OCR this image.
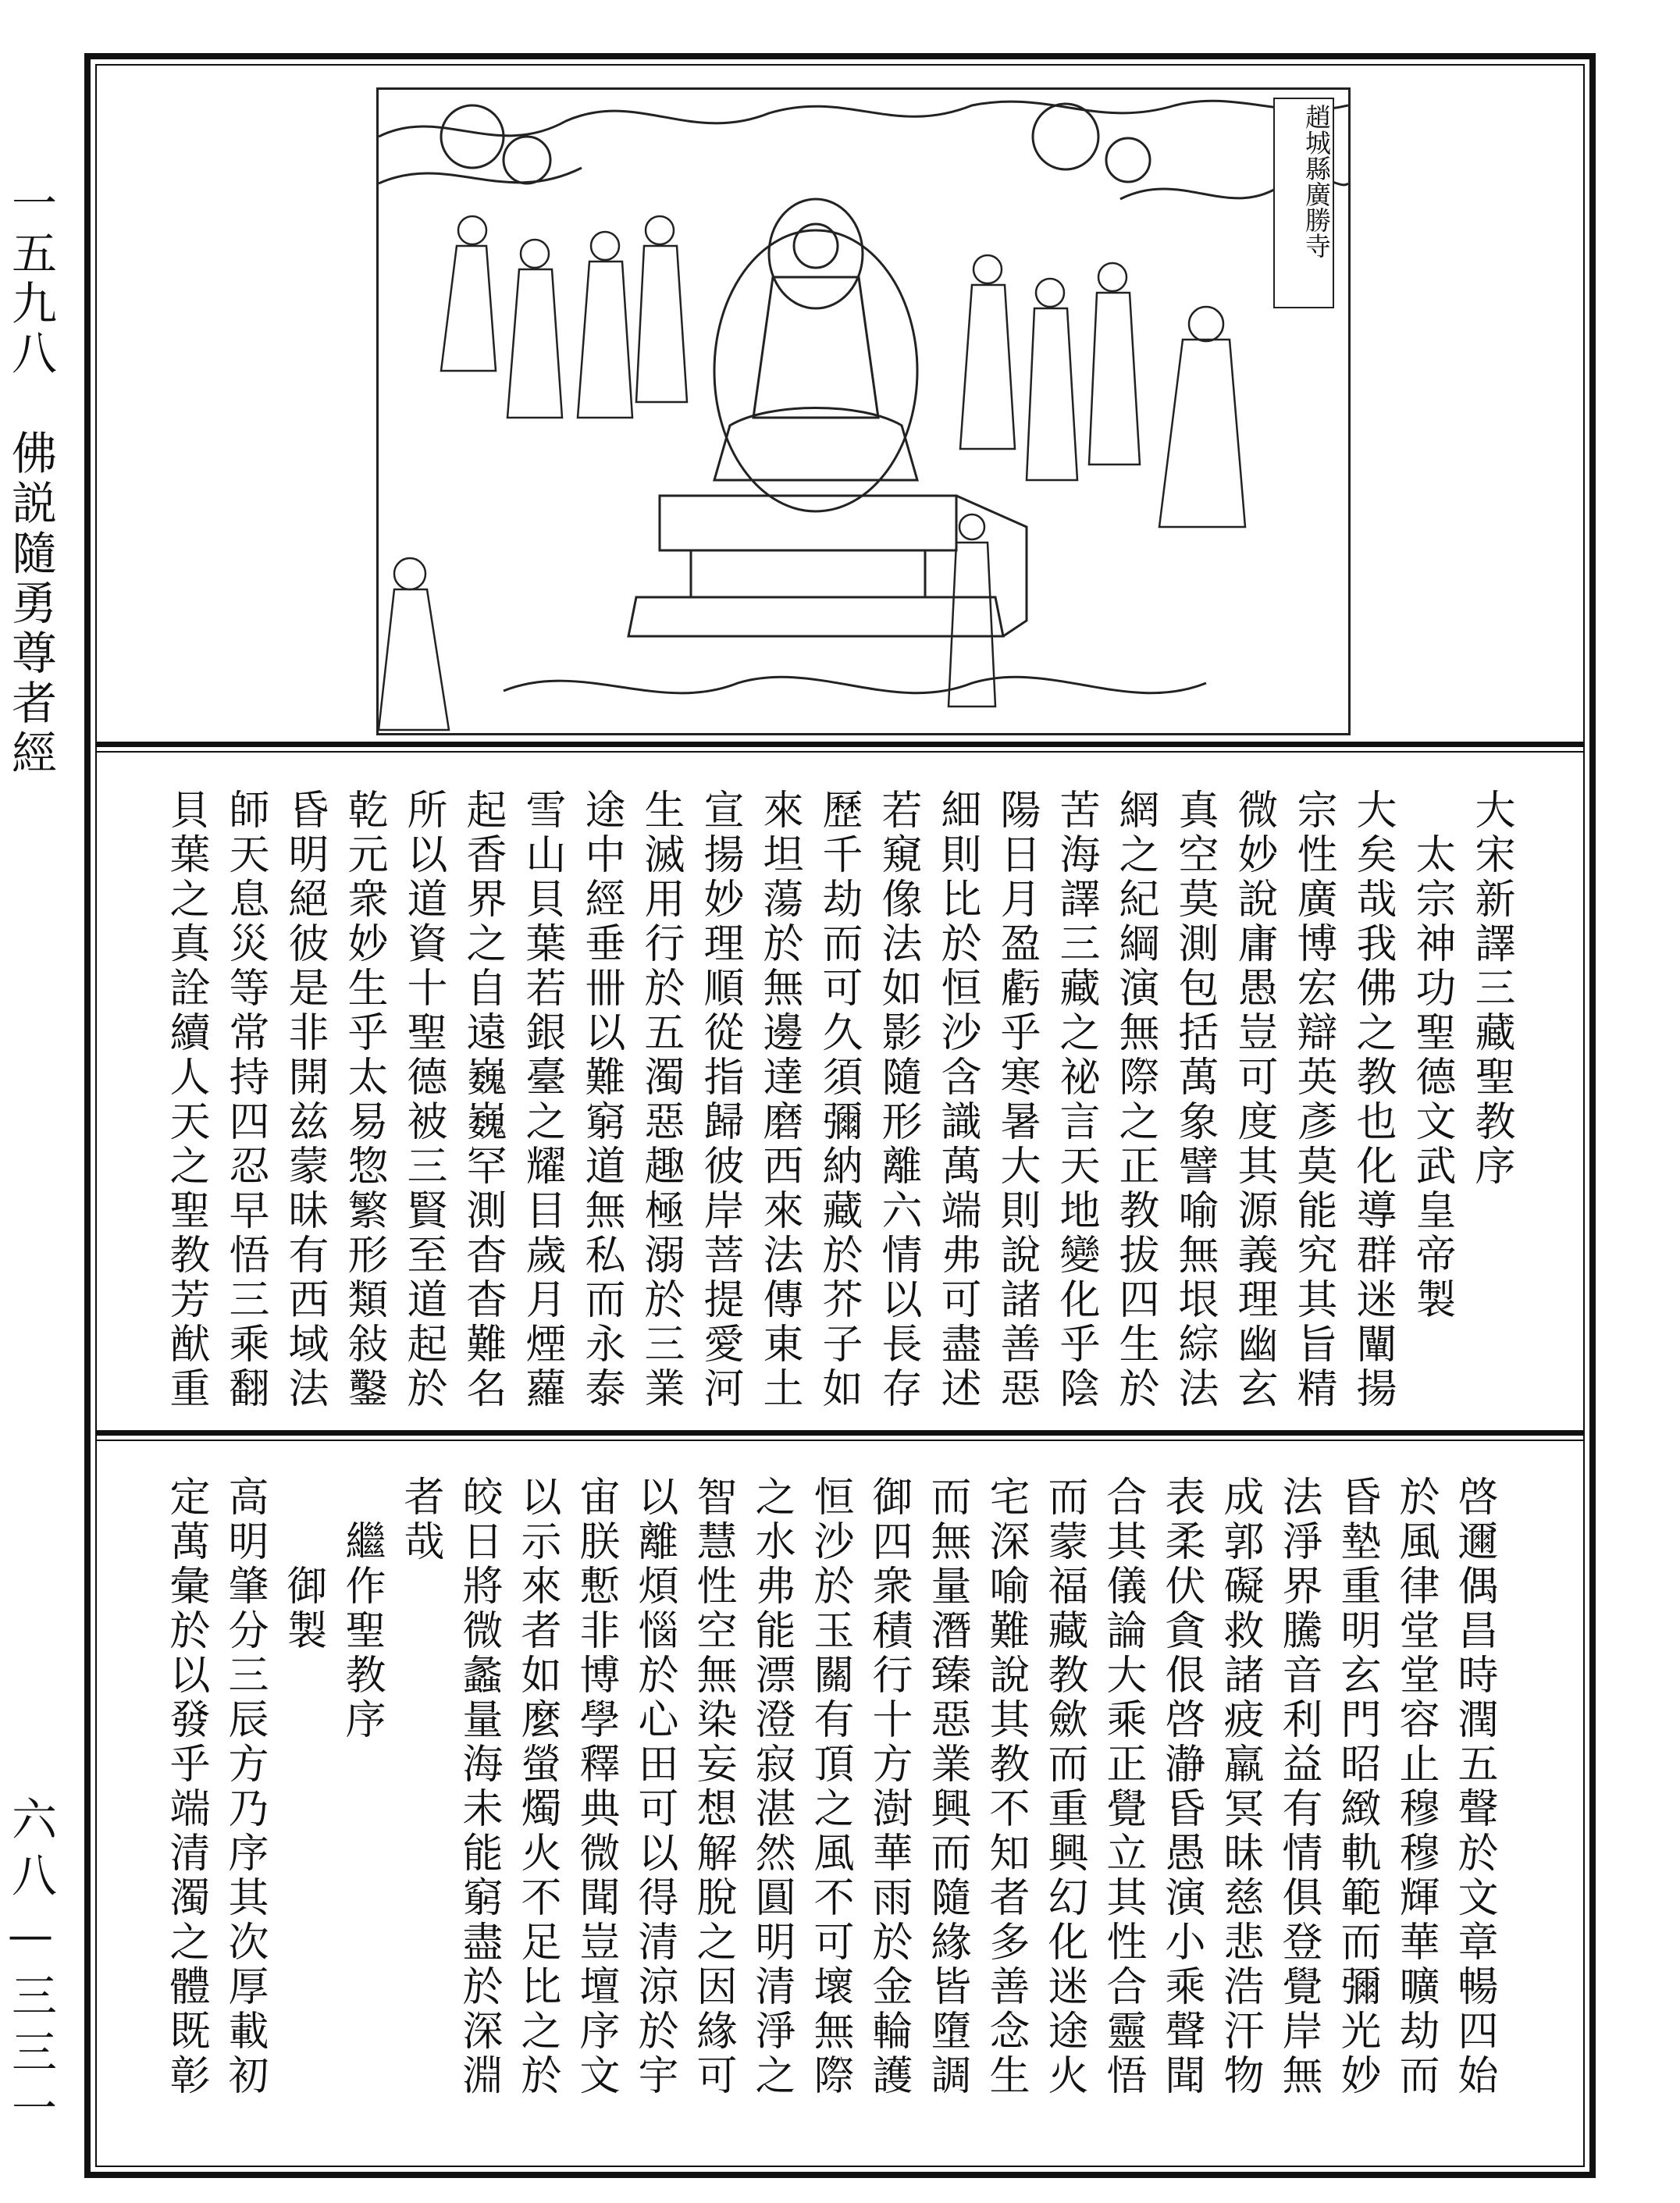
一五九八　佛説隨勇尊者經
六八—三三一
趙城縣廣勝寺
大宋新譯三藏聖教序
　太宗神功聖德文武皇帝製
大矣哉我佛之教也化導群迷闡揚
宗性廣博宏辯英彥莫能究其旨精
微妙說庸愚豈可度其源義理幽玄
真空莫測包括萬象譬喻無垠綜法
網之紀綱演無際之正教拔四生於
苦海譯三藏之祕言天地變化乎陰
陽日月盈虧乎寒暑大則說諸善惡
細則比於恒沙含識萬端弗可盡述
若窺像法如影隨形離六情以長存
歷千劫而可久須彌納藏於芥子如
來坦蕩於無邊達磨西來法傳東土
宣揚妙理順從指歸彼岸菩提愛河
生滅用行於五濁惡趣極溺於三業
途中經垂卌以難窮道無私而永泰
雪山貝葉若銀臺之耀目歲月煙蘿
起香界之自遠巍巍罕測杳杳難名
所以道資十聖德被三賢至道起於
乾元衆妙生乎太易惣繁形類敍鑿
昏明絕彼是非開兹蒙昧有西域法
師天息災等常持四忍早悟三乘翻
貝葉之真詮續人天之聖教芳猷重
啓邇偶昌時潤五聲於文章暢四始
於風律堂堂容止穆穆輝華曠劫而
昏墊重明玄門昭緻軌範而彌光妙
法淨界騰音利益有情俱登覺岸無
成郭礙救諸疲羸冥昧慈悲浩汗物
表柔伏貪佷啓瀞昏愚演小乘聲聞
合其儀論大乘正覺立其性合靈悟
而蒙福藏教歛而重興幻化迷途火
宅深喻難說其教不知者多善念生
而無量潛臻惡業興而隨緣皆墮調
御四衆積行十方澍華雨於金輪護
恒沙於玉關有頂之風不可壞無際
之水弗能漂澄寂湛然圓明清淨之
智慧性空無染妄想解脫之因緣可
以離煩惱於心田可以得清涼於宇
宙朕慙非博學釋典微聞豈壇序文
以示來者如麼螢燭火不足比之於
皎日將微蠡量海未能窮盡於深淵
者哉
　繼作聖教序
　　御製
高明肇分三辰方乃序其次厚載初
定萬彙於以發乎端清濁之體既彰
